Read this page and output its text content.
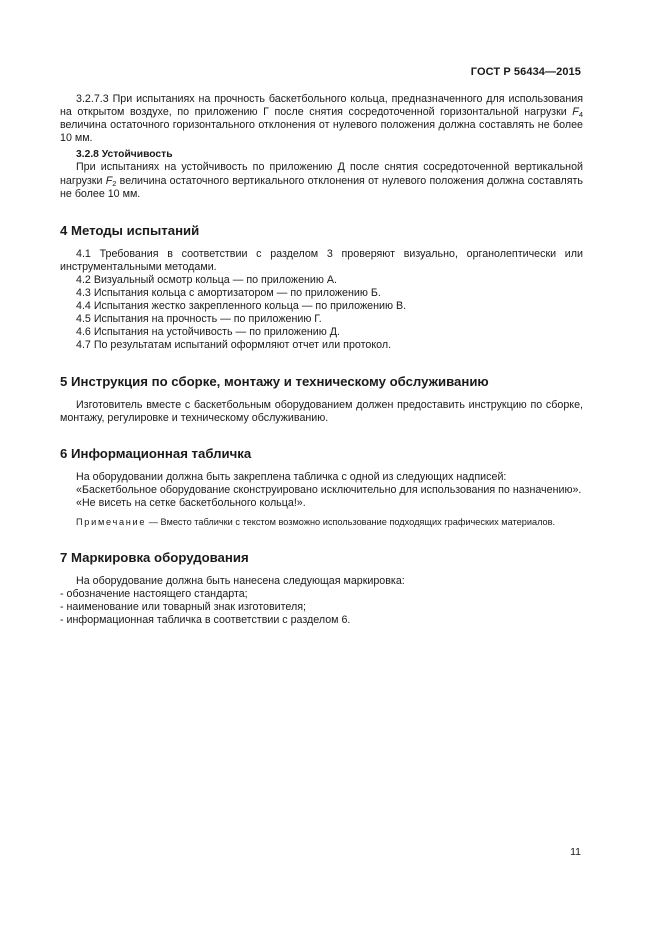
ГОСТ Р 56434—2015

3.2.7.3 При испытаниях на прочность баскетбольного кольца, предназначенного для использования на открытом воздухе, по приложению Г после снятия сосредоточенной горизонтальной нагрузки $F_4$ величина остаточного горизонтального отклонения от нулевого положения должна составлять не более 10 мм.

3.2.8 Устойчивость

При испытаниях на устойчивость по приложению Д после снятия сосредоточенной вертикальной нагрузки $F_2$ величина остаточного вертикального отклонения от нулевого положения должна составлять не более 10 мм.

4 Методы испытаний

4.1 Требования в соответствии с разделом 3 проверяют визуально, органолептически или инструментальными методами.

4.2 Визуальный осмотр кольца — по приложению А.

4.3 Испытания кольца с амортизатором — по приложению Б.

4.4 Испытания жестко закрепленного кольца — по приложению В.

4.5 Испытания на прочность — по приложению Г.

4.6 Испытания на устойчивость — по приложению Д.

4.7 По результатам испытаний оформляют отчет или протокол.

5 Инструкция по сборке, монтажу и техническому обслуживанию

Изготовитель вместе с баскетбольным оборудованием должен предоставить инструкцию по сборке, монтажу, регулировке и техническому обслуживанию.

6 Информационная табличка

На оборудовании должна быть закреплена табличка с одной из следующих надписей:

«Баскетбольное оборудование сконструировано исключительно для использования по назначению».

«Не висеть на сетке баскетбольного кольца!».

Примечание — Вместо таблички с текстом возможно использование подходящих графических материалов.

7 Маркировка оборудования

На оборудование должна быть нанесена следующая маркировка:

- обозначение настоящего стандарта;

- наименование или товарный знак изготовителя;

- информационная табличка в соответствии с разделом 6.

11
